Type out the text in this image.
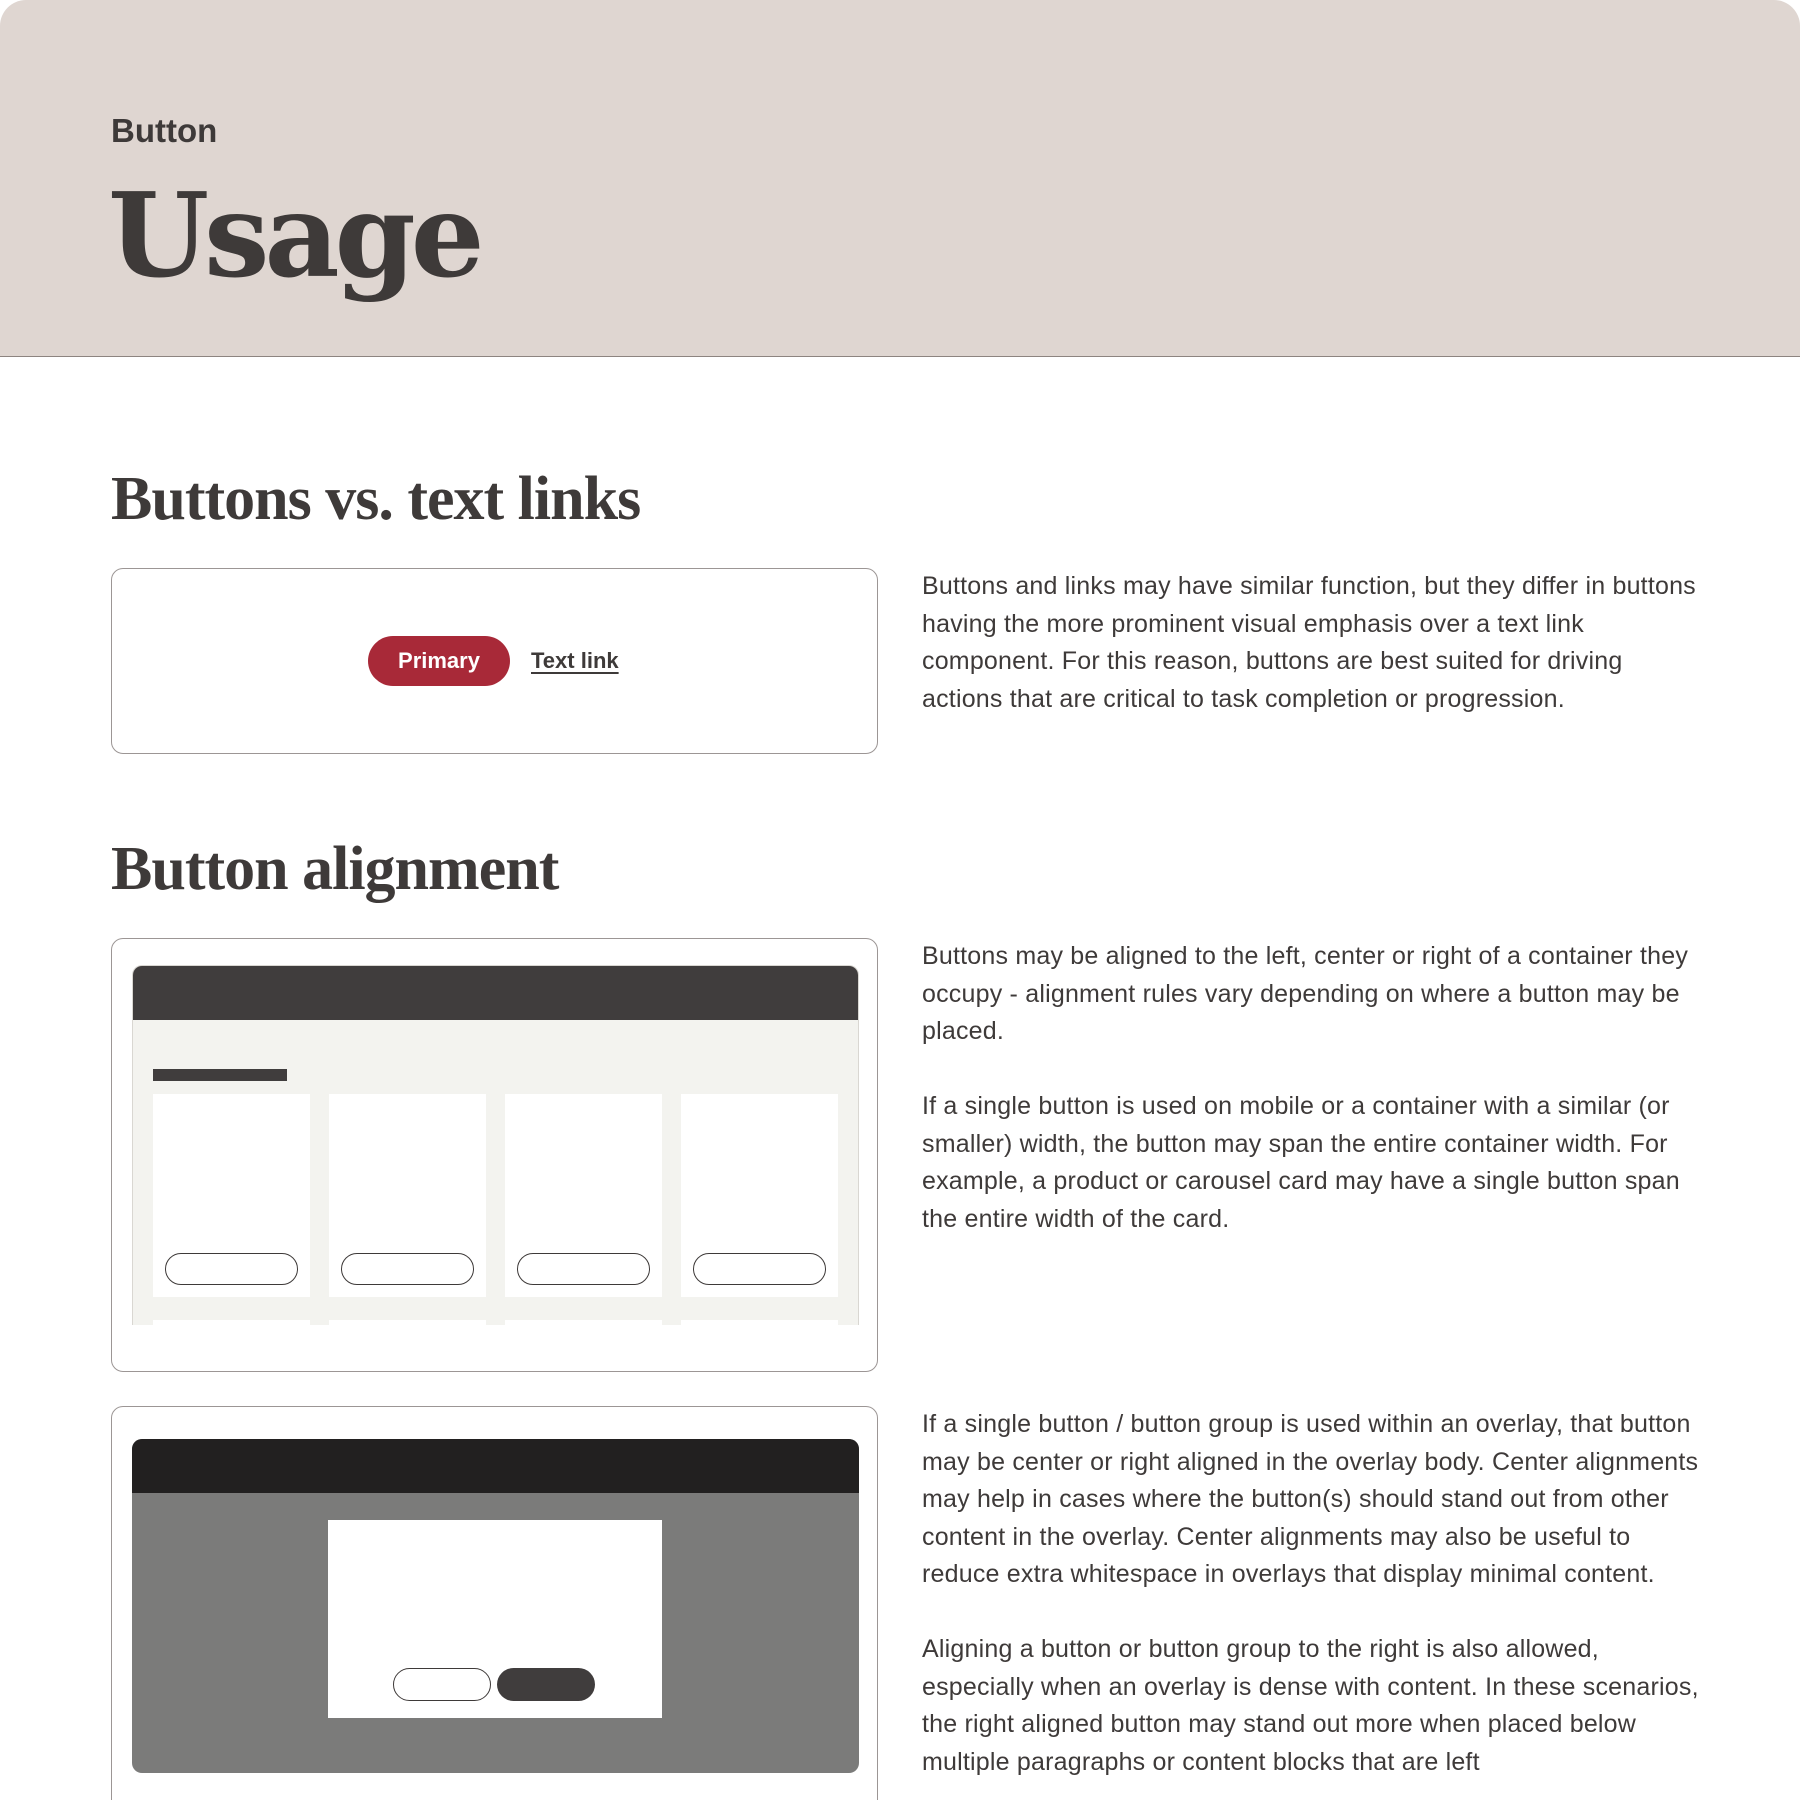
Button
Usage
Buttons vs. text links
Primary	Text link

Buttons and links may have similar function, but they differ in buttons having the more prominent visual emphasis over a text link component. For this reason, buttons are best suited for driving actions that are critical to task completion or progression.

Button alignment

Buttons may be aligned to the left, center or right of a container they occupy - alignment rules vary depending on where a button may be placed.

If a single button is used on mobile or a container with a similar (or smaller) width, the button may span the entire container width. For example, a product or carousel card may have a single button span the entire width of the card.

If a single button / button group is used within an overlay, that button may be center or right aligned in the overlay body. Center alignments may help in cases where the button(s) should stand out from other content in the overlay. Center alignments may also be useful to reduce extra whitespace in overlays that display minimal content.

Aligning a button or button group to the right is also allowed, especially when an overlay is dense with content. In these scenarios, the right aligned button may stand out more when placed below multiple paragraphs or content blocks that are left
